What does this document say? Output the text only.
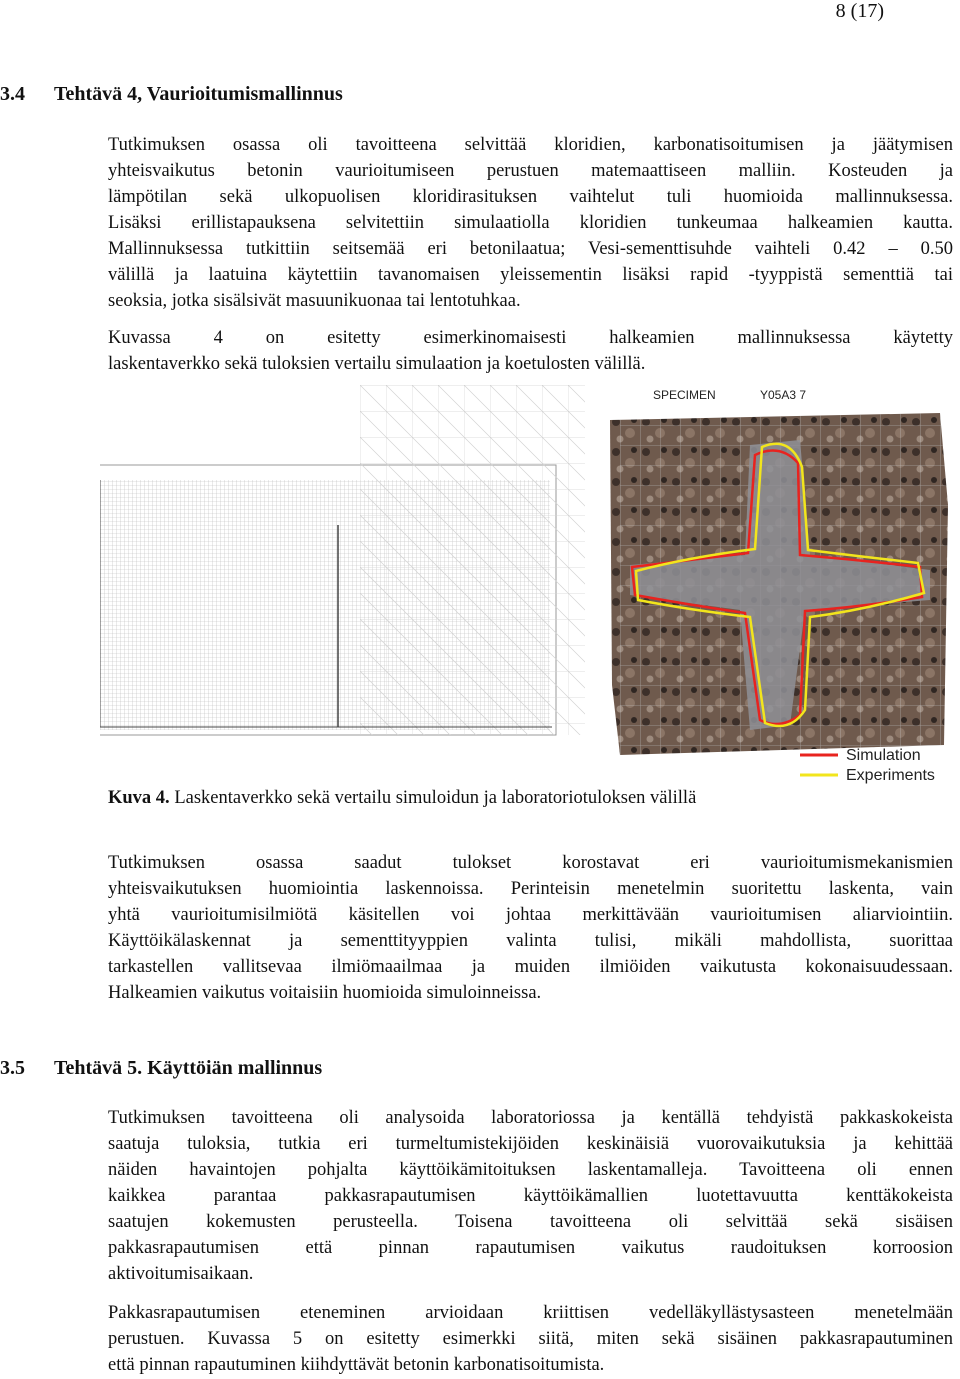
8 (17)
3.4 Tehtävä 4, Vaurioitumismallinnus
Tutkimuksen osassa oli tavoitteena selvittää kloridien, karbonatisoitumisen ja jäätymisen
yhteisvaikutus betonin vaurioitumiseen perustuen matemaattiseen malliin. Kosteuden ja
lämpötilan sekä ulkopuolisen kloridirasituksen vaihtelut tuli huomioida mallinnuksessa.
Lisäksi erillistapauksena selvitettiin simulaatiolla kloridien tunkeumaa halkeamien kautta.
Mallinnuksessa tutkittiin seitsemää eri betonilaatua; Vesi-sementtisuhde vaihteli 0.42 – 0.50
välillä ja laatuina käytettiin tavanomaisen yleissementin lisäksi rapid -tyyppistä sementtiä tai
seoksia, jotka sisälsivät masuunikuonaa tai lentotuhkaa.
Kuvassa 4 on esitetty esimerkinomaisesti halkeamien mallinnuksessa käytetty
laskentaverkko sekä tuloksien vertailu simulaation ja koetulosten välillä.
SPECIMEN	Y05A3 7
Simulation
Experiments
Kuva 4. Laskentaverkko sekä vertailu simuloidun ja laboratoriotuloksen välillä
Tutkimuksen osassa saadut tulokset korostavat eri vaurioitumismekanismien
yhteisvaikutuksen huomiointia laskennoissa. Perinteisin menetelmin suoritettu laskenta, vain
yhtä vaurioitumisilmiötä käsitellen voi johtaa merkittävään vaurioitumisen aliarviointiin.
Käyttöikälaskennat ja sementtityyppien valinta tulisi, mikäli mahdollista, suorittaa
tarkastellen vallitsevaa ilmiömaailmaa ja muiden ilmiöiden vaikutusta kokonaisuudessaan.
Halkeamien vaikutus voitaisiin huomioida simuloinneissa.
3.5 Tehtävä 5. Käyttöiän mallinnus
Tutkimuksen tavoitteena oli analysoida laboratoriossa ja kentällä tehdyistä pakkaskokeista
saatuja tuloksia, tutkia eri turmeltumistekijöiden keskinäisiä vuorovaikutuksia ja kehittää
näiden havaintojen pohjalta käyttöikämitoituksen laskentamalleja. Tavoitteena oli ennen
kaikkea parantaa pakkasrapautumisen käyttöikämallien luotettavuutta kenttäkokeista
saatujen kokemusten perusteella. Toisena tavoitteena oli selvittää sekä sisäisen
pakkasrapautumisen että pinnan rapautumisen vaikutus raudoituksen korroosion
aktivoitumisaikaan.
Pakkasrapautumisen eteneminen arvioidaan kriittisen vedelläkyllästysasteen menetelmään
perustuen. Kuvassa 5 on esitetty esimerkki siitä, miten sekä sisäinen pakkasrapautuminen
että pinnan rapautuminen kiihdyttävät betonin karbonatisoitumista.
